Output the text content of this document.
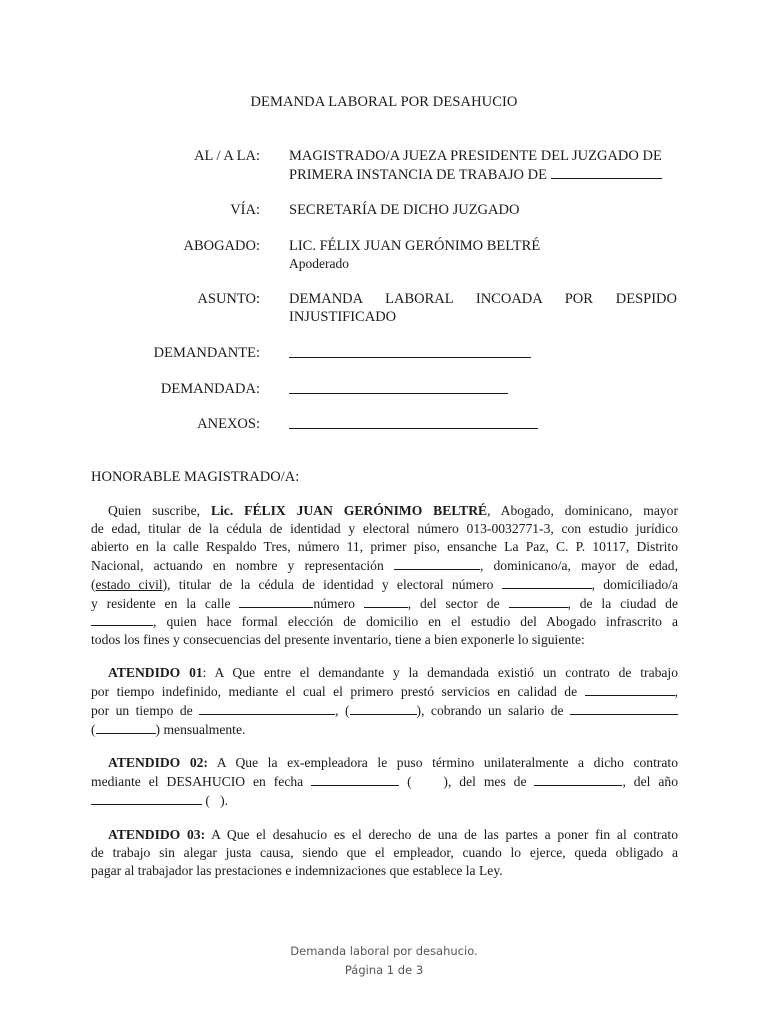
DEMANDA LABORAL POR DESAHUCIO
AL / A LA: MAGISTRADO/A JUEZA PRESIDENTE DEL JUZGADO DE
PRIMERA INSTANCIA DE TRABAJO DE
VÍA: SECRETARÍA DE DICHO JUZGADO
ABOGADO: LIC. FÉLIX JUAN GERÓNIMO BELTRÉ
Apoderado
ASUNTO: DEMANDA LABORAL INCOADA POR DESPIDO
INJUSTIFICADO
DEMANDANTE:
DEMANDADA:
ANEXOS:
HONORABLE MAGISTRADO/A:
Quien suscribe, Lic. FÉLIX JUAN GERÓNIMO BELTRÉ, Abogado, dominicano, mayor
de edad, titular de la cédula de identidad y electoral número 013-0032771-3, con estudio jurídico
abierto en la calle Respaldo Tres, número 11, primer piso, ensanche La Paz, C. P. 10117, Distrito
Nacional, actuando en nombre y representación	, dominicano/a, mayor de edad,
(estado civil), titular de la cédula de identidad y electoral número	, domiciliado/a
y residente en la calle	número	, del sector de	, de la ciudad de
, quien hace formal elección de domicilio en el estudio del Abogado infrascrito a
todos los fines y consecuencias del presente inventario, tiene a bien exponerle lo siguiente:
ATENDIDO 01: A Que entre el demandante y la demandada existió un contrato de trabajo
por tiempo indefinido, mediante el cual el primero prestó servicios en calidad de	,
por un tiempo de	, (	), cobrando un salario de
(	) mensualmente.
ATENDIDO 02: A Que la ex-empleadora le puso término unilateralmente a dicho contrato
mediante el DESAHUCIO en fecha	( ), del mes de	, del año
( ).
ATENDIDO 03: A Que el desahucio es el derecho de una de las partes a poner fin al contrato
de trabajo sin alegar justa causa, siendo que el empleador, cuando lo ejerce, queda obligado a
pagar al trabajador las prestaciones e indemnizaciones que establece la Ley.
Demanda laboral por desahucio.
Página 1 de 3
